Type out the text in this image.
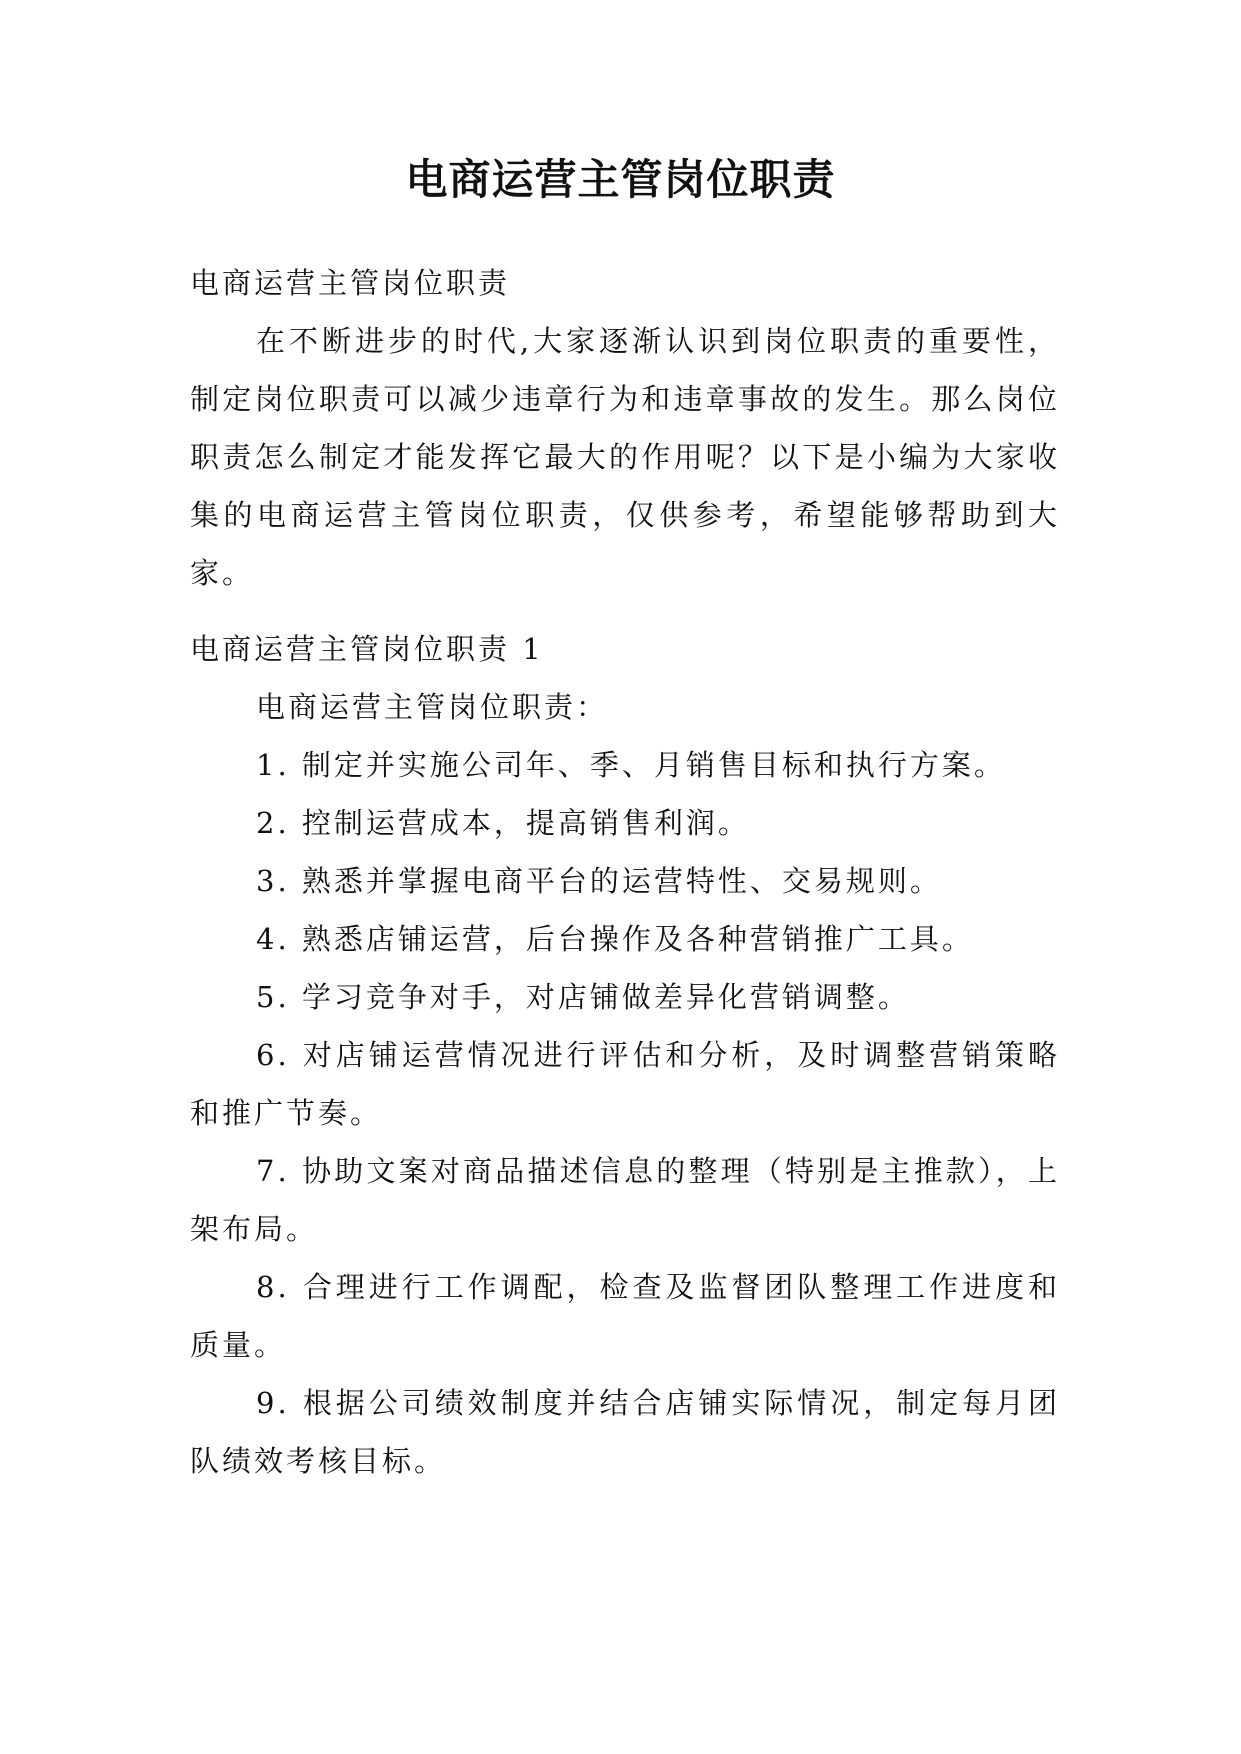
电商运营主管岗位职责

电商运营主管岗位职责

在不断进步的时代,大家逐渐认识到岗位职责的重要性，制定岗位职责可以减少违章行为和违章事故的发生。那么岗位职责怎么制定才能发挥它最大的作用呢？以下是小编为大家收集的电商运营主管岗位职责，仅供参考，希望能够帮助到大家。

电商运营主管岗位职责 1

电商运营主管岗位职责：

1. 制定并实施公司年、季、月销售目标和执行方案。

2. 控制运营成本，提高销售利润。

3. 熟悉并掌握电商平台的运营特性、交易规则。

4. 熟悉店铺运营，后台操作及各种营销推广工具。

5. 学习竞争对手，对店铺做差异化营销调整。

6. 对店铺运营情况进行评估和分析，及时调整营销策略和推广节奏。

7. 协助文案对商品描述信息的整理（特别是主推款），上架布局。

8. 合理进行工作调配，检查及监督团队整理工作进度和质量。

9. 根据公司绩效制度并结合店铺实际情况，制定每月团队绩效考核目标。
